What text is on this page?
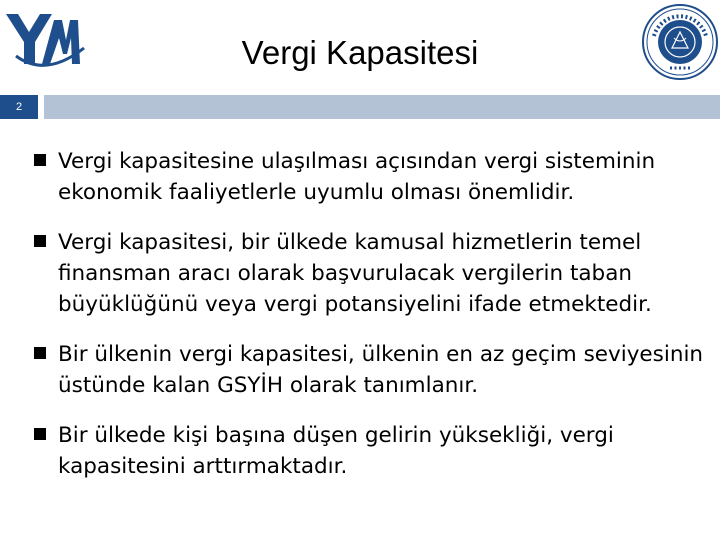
Vergi Kapasitesi
2
Vergi kapasitesine ulaşılması açısından vergi sisteminin ekonomik faaliyetlerle uyumlu olması önemlidir.
Vergi kapasitesi, bir ülkede kamusal hizmetlerin temel finansman aracı olarak başvurulacak vergilerin taban büyüklüğünü veya vergi potansiyelini ifade etmektedir.
Bir ülkenin vergi kapasitesi, ülkenin en az geçim seviyesinin üstünde kalan GSYİH olarak tanımlanır.
Bir ülkede kişi başına düşen gelirin yüksekliği, vergi kapasitesini arttırmaktadır.
